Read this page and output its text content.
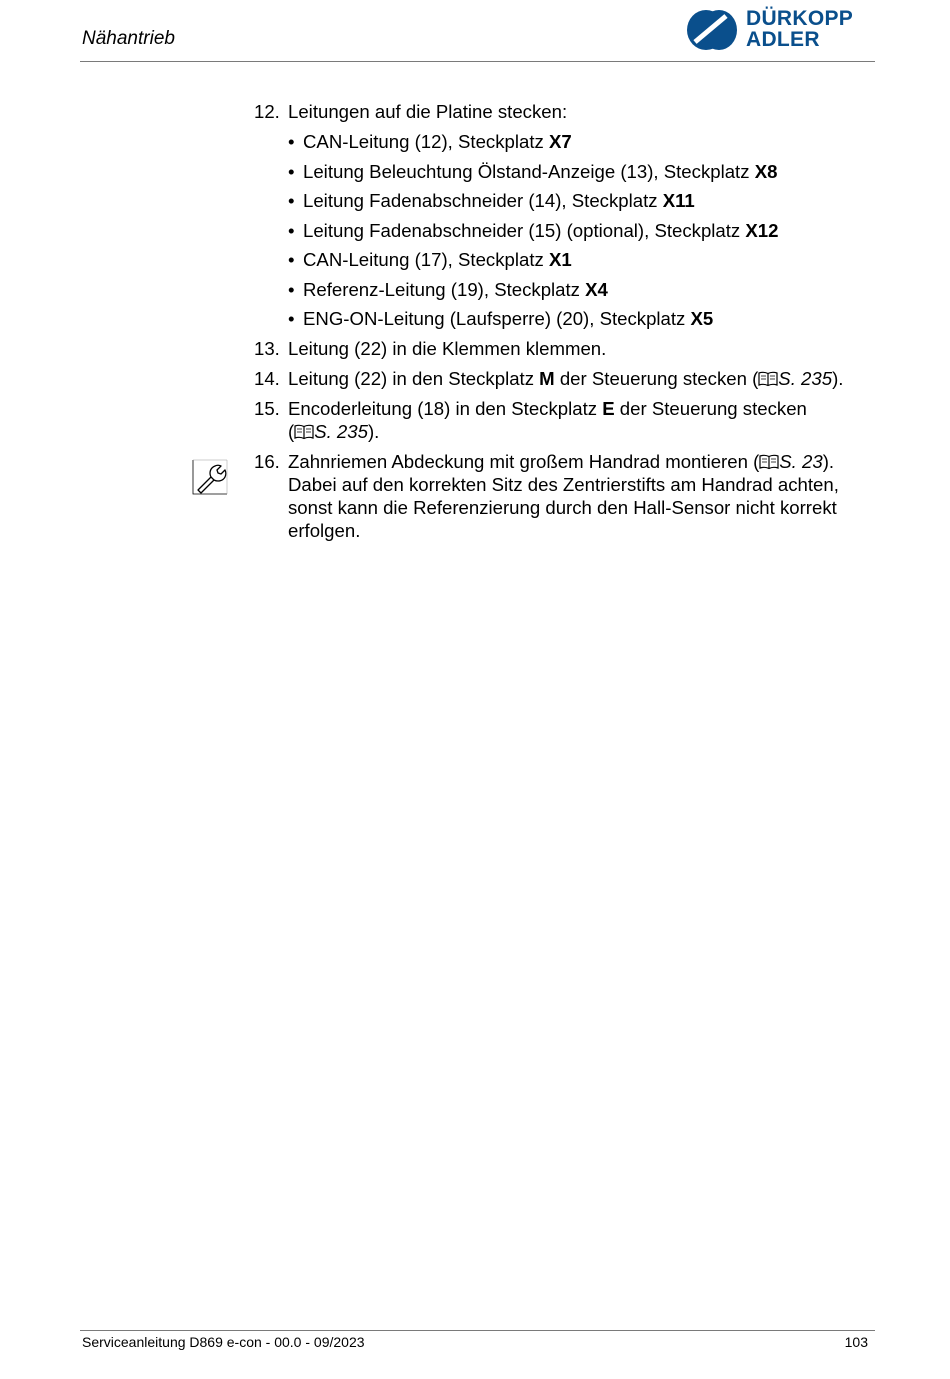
Nähantrieb
DÜRKOPP
ADLER
12. Leitungen auf die Platine stecken:
• CAN-Leitung (12), Steckplatz X7
• Leitung Beleuchtung Ölstand-Anzeige (13), Steckplatz X8
• Leitung Fadenabschneider (14), Steckplatz X11
• Leitung Fadenabschneider (15) (optional), Steckplatz X12
• CAN-Leitung (17), Steckplatz X1
• Referenz-Leitung (19), Steckplatz X4
• ENG-ON-Leitung (Laufsperre) (20), Steckplatz X5
13. Leitung (22) in die Klemmen klemmen.
14. Leitung (22) in den Steckplatz M der Steuerung stecken ( S. 235).
15. Encoderleitung (18) in den Steckplatz E der Steuerung stecken
( S. 235).
16. Zahnriemen Abdeckung mit großem Handrad montieren ( S. 23).
Dabei auf den korrekten Sitz des Zentrierstifts am Handrad achten,
sonst kann die Referenzierung durch den Hall-Sensor nicht korrekt
erfolgen.
Serviceanleitung D869 e-con - 00.0 - 09/2023	103
